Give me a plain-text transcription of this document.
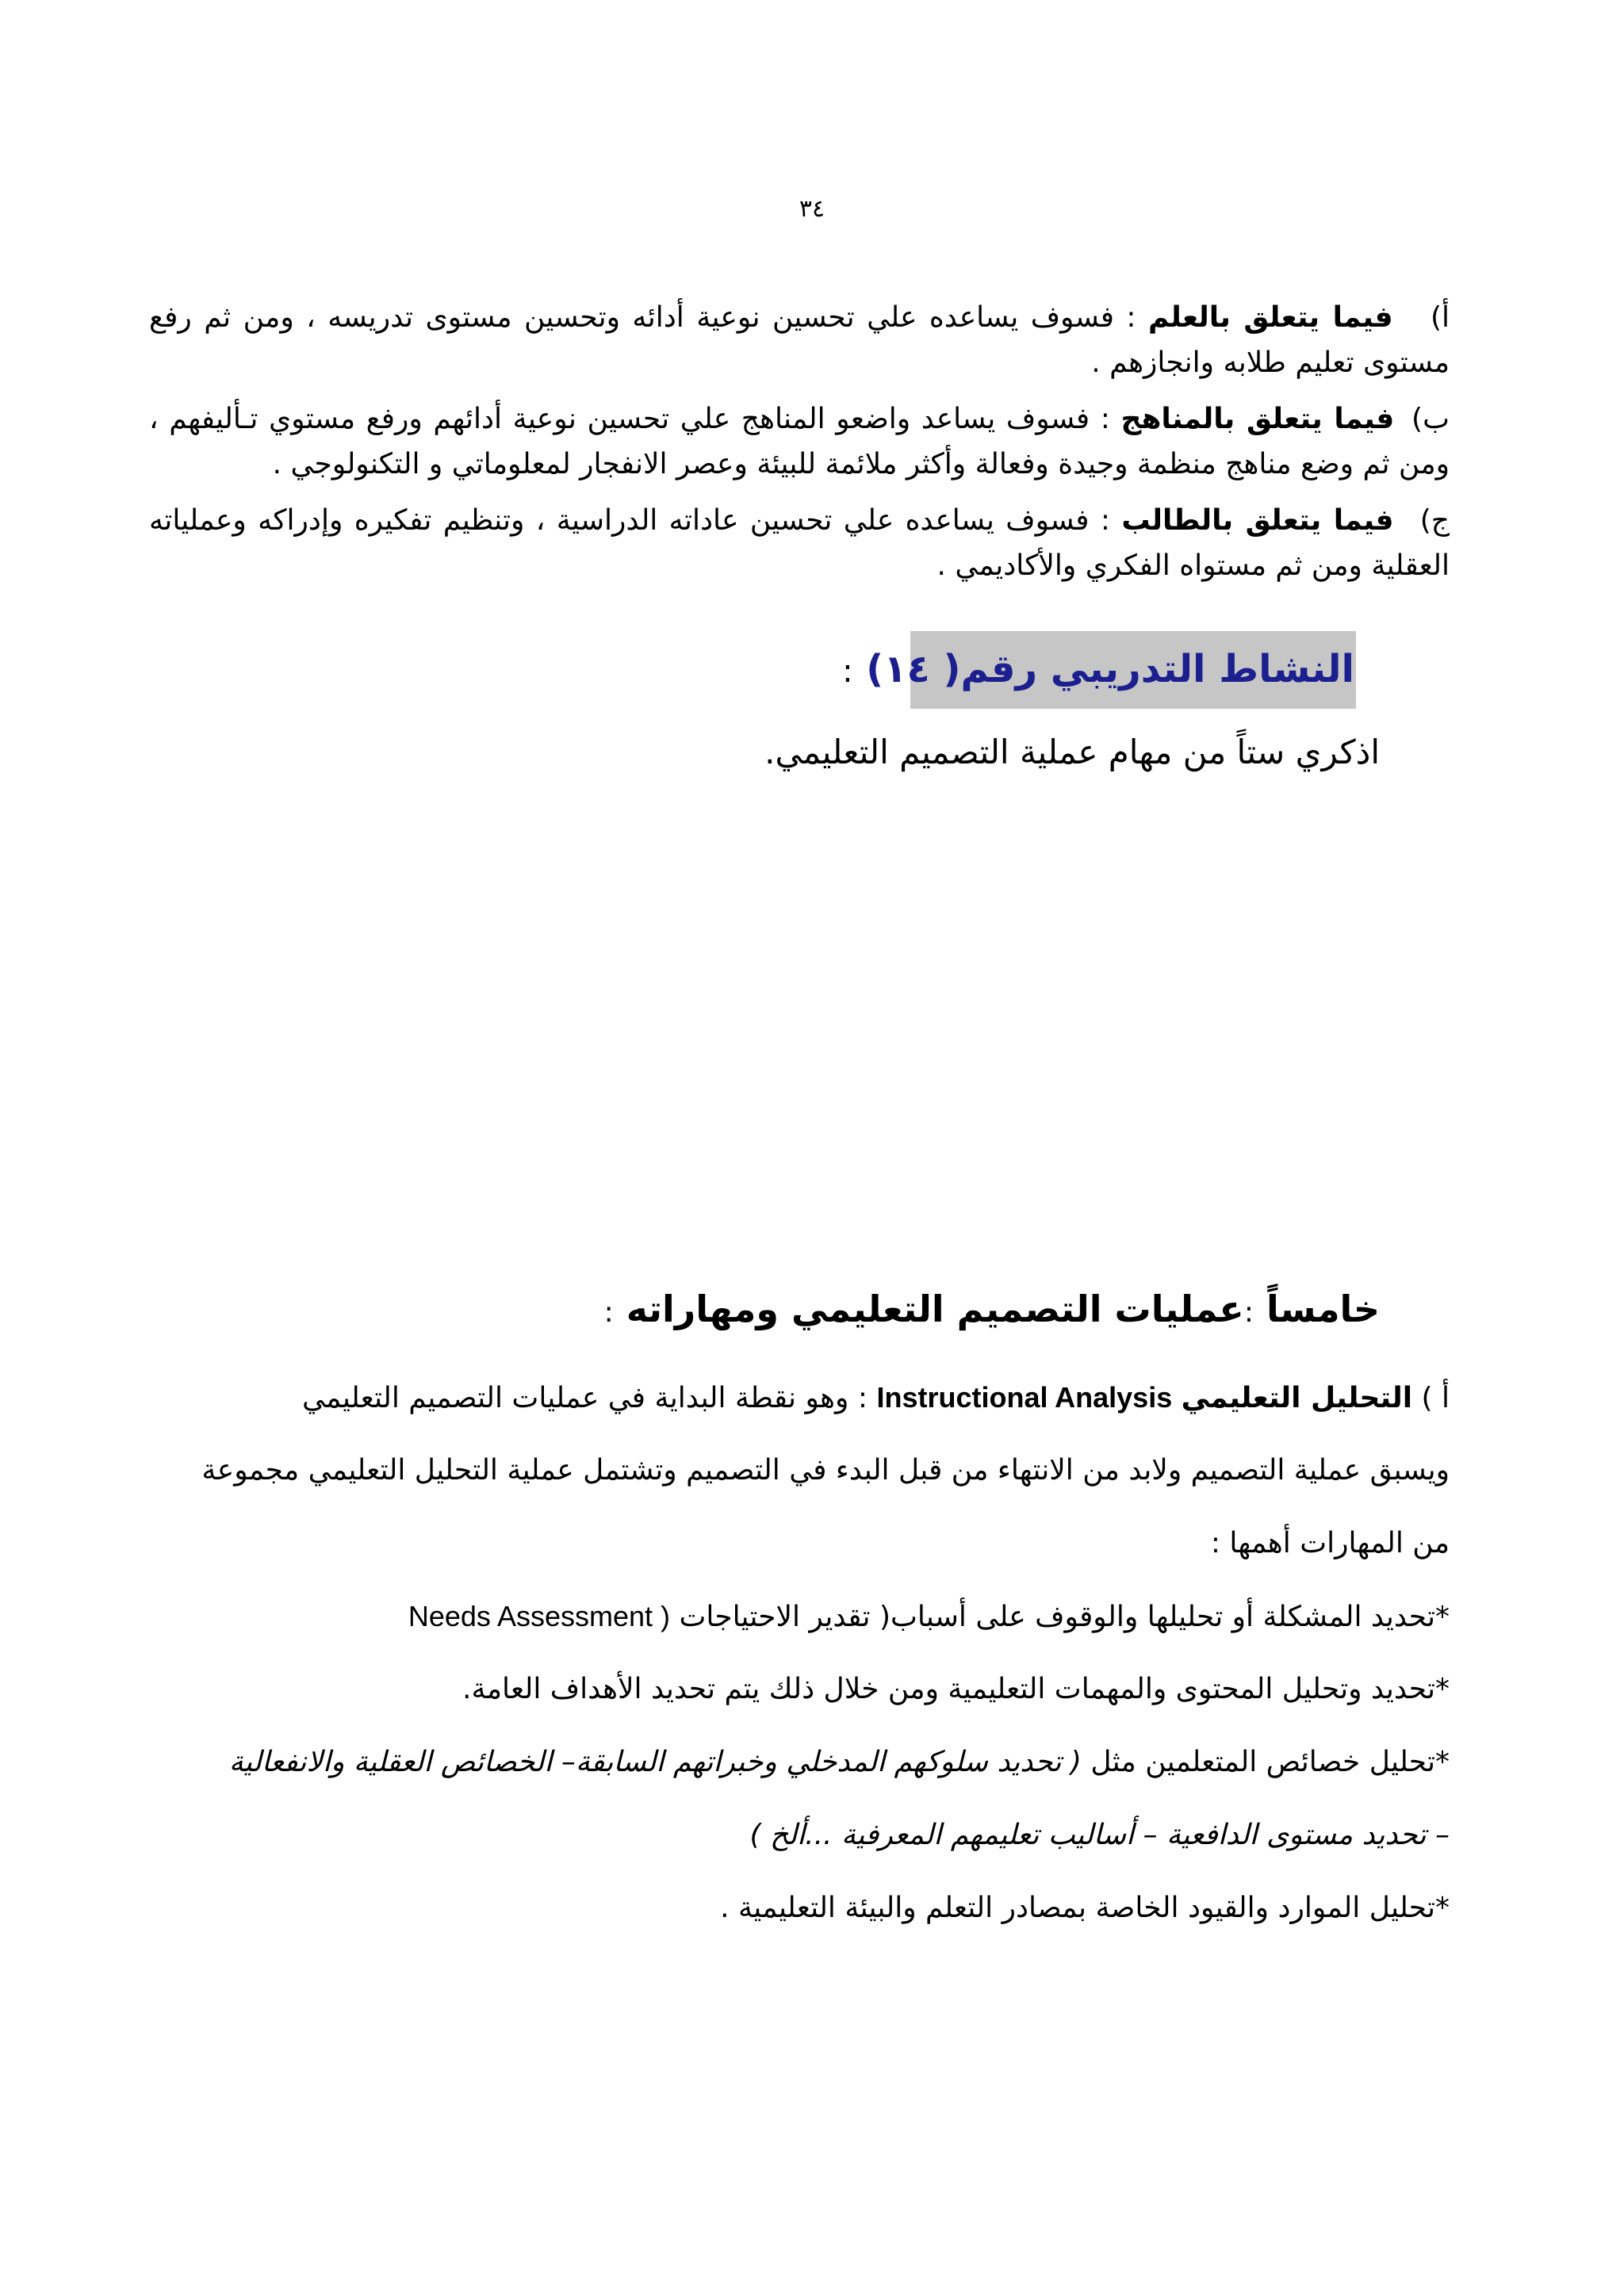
٣٤
أ) فيما يتعلق بالعلم : فسوف يساعده علي تحسين نوعية أدائه وتحسين مستوى تدريسه ، ومن ثم رفع مستوى تعليم طلابه وانجازهم .
ب) فيما يتعلق بالمناهج : فسوف يساعد واضعو المناهج علي تحسين نوعية أدائهم ورفع مستوي تـأليفهم ، ومن ثم وضع مناهج منظمة وجيدة وفعالة وأكثر ملائمة للبيئة وعصر الانفجار لمعلوماتي و التكنولوجي .
ج) فيما يتعلق بالطالب : فسوف يساعده علي تحسين عاداته الدراسية ، وتنظيم تفكيره وإدراكه وعملياته العقلية ومن ثم مستواه الفكري والأكاديمي .
النشاط التدريبي رقم( ١٤) :
اذكري ستاً من مهام عملية التصميم التعليمي.
خامساً :عمليات التصميم التعليمي ومهاراته :
أ ) التحليل التعليمي Instructional Analysis : وهو نقطة البداية في عمليات التصميم التعليمي
ويسبق عملية التصميم ولابد من الانتهاء من قبل البدء في التصميم وتشتمل عملية التحليل التعليمي مجموعة
من المهارات أهمها :
*تحديد المشكلة أو تحليلها والوقوف على أسباب( تقدير الاحتياجات Needs Assessment )
*تحديد وتحليل المحتوى والمهمات التعليمية ومن خلال ذلك يتم تحديد الأهداف العامة.
*تحليل خصائص المتعلمين مثل ( تحديد سلوكهم المدخلي وخبراتهم السابقة– الخصائص العقلية والانفعالية
– تحديد مستوى الدافعية – أساليب تعليمهم المعرفية ...ألخ )
*تحليل الموارد والقيود الخاصة بمصادر التعلم والبيئة التعليمية .
